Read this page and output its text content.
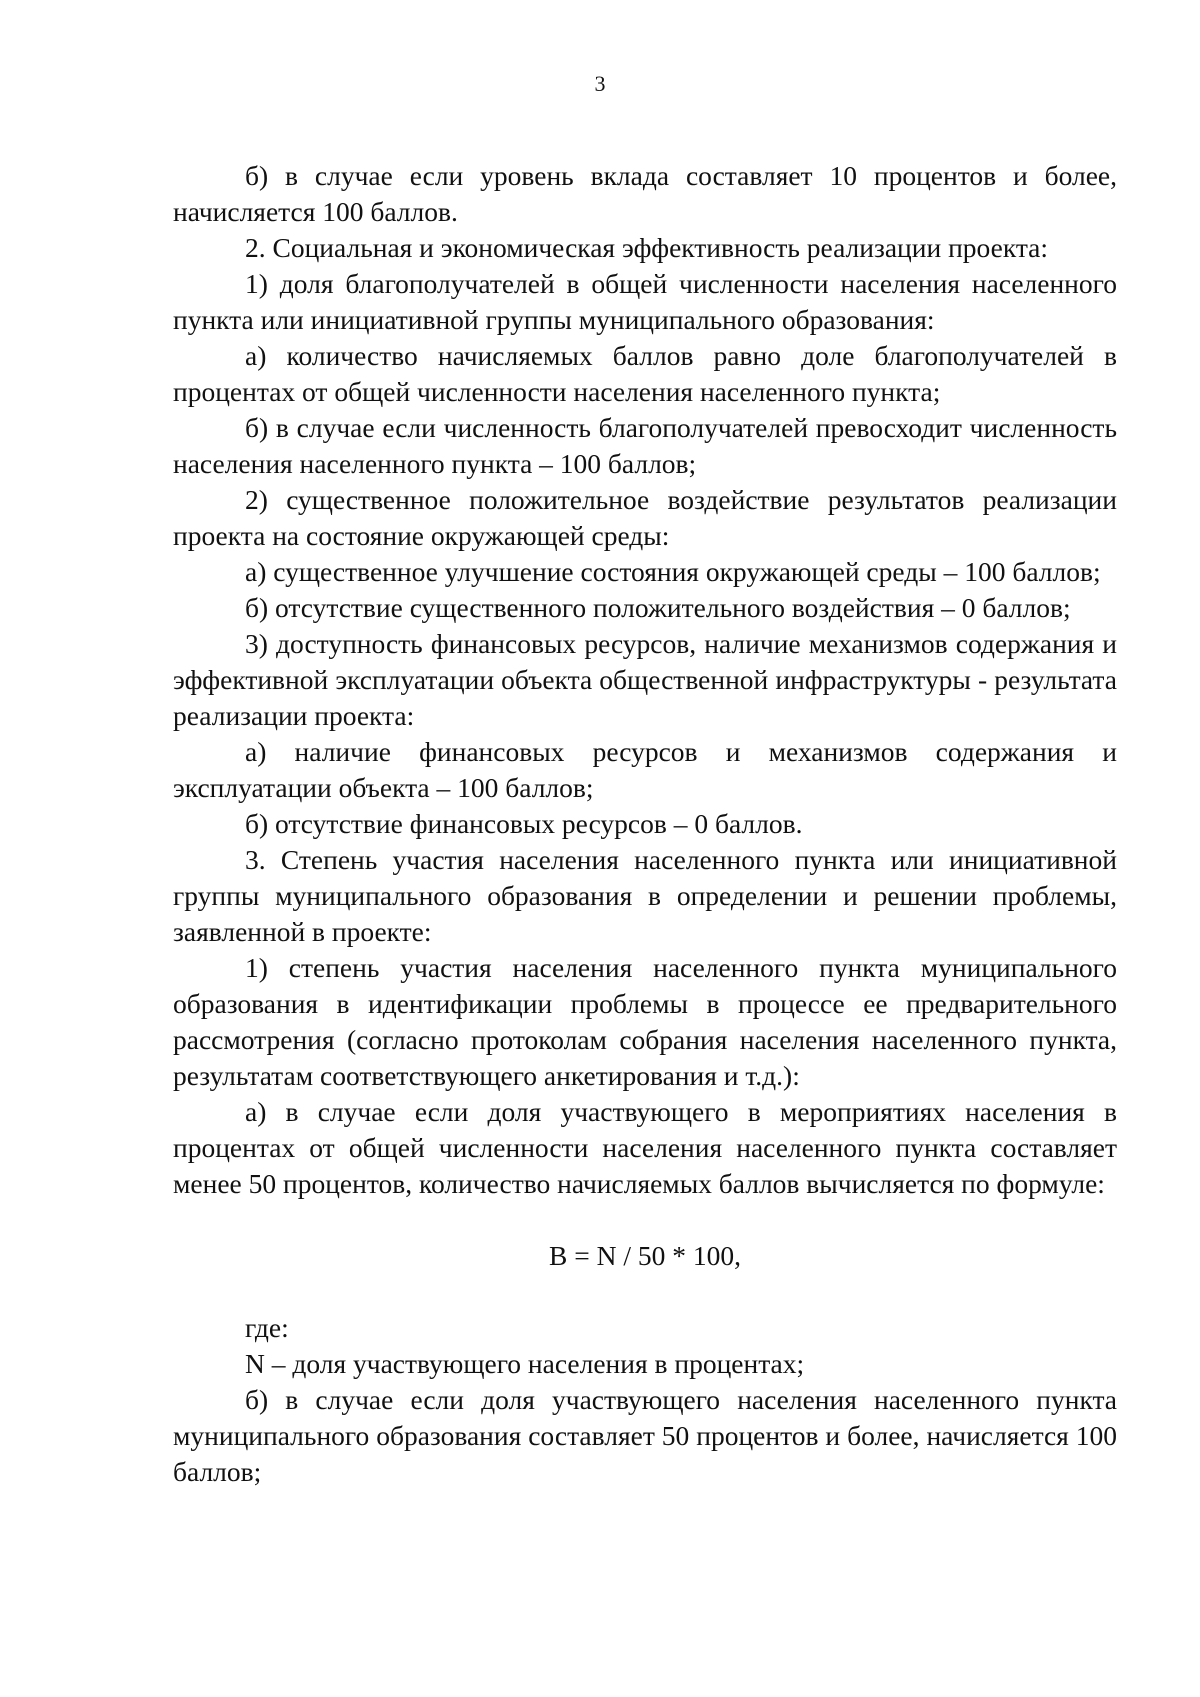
3

б) в случае если уровень вклада составляет 10 процентов и более, начисляется 100 баллов.

2. Социальная и экономическая эффективность реализации проекта:

1) доля благополучателей в общей численности населения населенного пункта или инициативной группы муниципального образования:

а) количество начисляемых баллов равно доле благополучателей в процентах от общей численности населения населенного пункта;

б) в случае если численность благополучателей превосходит численность населения населенного пункта – 100 баллов;

2) существенное положительное воздействие результатов реализации проекта на состояние окружающей среды:

а) существенное улучшение состояния окружающей среды – 100 баллов;

б) отсутствие существенного положительного воздействия – 0 баллов;

3) доступность финансовых ресурсов, наличие механизмов содержания и эффективной эксплуатации объекта общественной инфраструктуры - результата реализации проекта:

а) наличие финансовых ресурсов и механизмов содержания и эксплуатации объекта – 100 баллов;

б) отсутствие финансовых ресурсов – 0 баллов.

3. Степень участия населения населенного пункта или инициативной группы муниципального образования в определении и решении проблемы, заявленной в проекте:

1) степень участия населения населенного пункта муниципального образования в идентификации проблемы в процессе ее предварительного рассмотрения (согласно протоколам собрания населения населенного пункта, результатам соответствующего анкетирования и т.д.):

а) в случае если доля участвующего в мероприятиях населения в процентах от общей численности населения населенного пункта составляет менее 50 процентов, количество начисляемых баллов вычисляется по формуле:

B = N / 50 * 100,

где:

N – доля участвующего населения в процентах;

б) в случае если доля участвующего населения населенного пункта муниципального образования составляет 50 процентов и более, начисляется 100 баллов;
